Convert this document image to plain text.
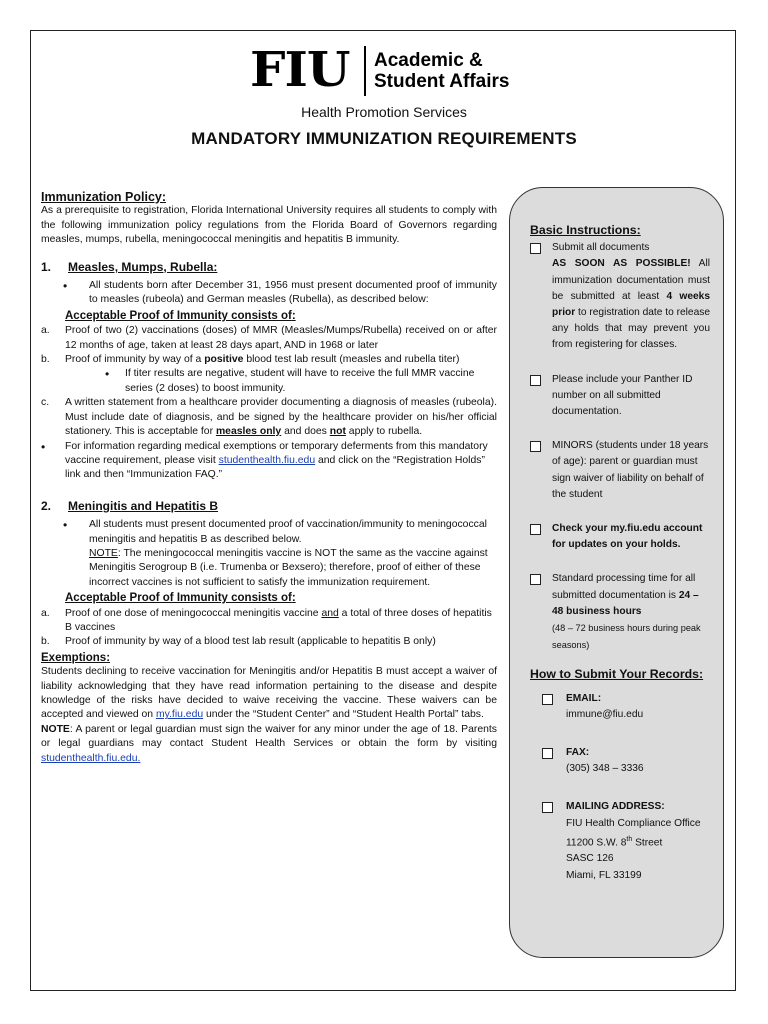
FIU Academic &
Student Affairs
Health Promotion Services
MANDATORY IMMUNIZATION REQUIREMENTS

Immunization Policy:

As a prerequisite to registration, Florida International University requires all students to comply with the following immunization policy regulations from the Florida Board of Governors regarding measles, mumps, rubella, meningococcal meningitis and hepatitis B immunity.

1.	Measles, Mumps, Rubella:
•	All students born after December 31, 1956 must present documented proof of immunity to measles (rubeola) and German measles (Rubella), as described below:
Acceptable Proof of Immunity consists of:
a.	Proof of two (2) vaccinations (doses) of MMR (Measles/Mumps/Rubella) received on or after 12 months of age, taken at least 28 days apart, AND in 1968 or later
b.	Proof of immunity by way of a positive blood test lab result (measles and rubella titer)
•	If titer results are negative, student will have to receive the full MMR vaccine series (2 doses) to boost immunity.
c.	A written statement from a healthcare provider documenting a diagnosis of measles (rubeola). Must include date of diagnosis, and be signed by the healthcare provider on his/her official stationery. This is acceptable for measles only and does not apply to rubella.
•	For information regarding medical exemptions or temporary deferments from this mandatory vaccine requirement, please visit studenthealth.fiu.edu and click on the “Registration Holds” link and then “Immunization FAQ.”
2.	Meningitis and Hepatitis B
•	All students must present documented proof of vaccination/immunity to meningococcal meningitis and hepatitis B as described below.
NOTE: The meningococcal meningitis vaccine is NOT the same as the vaccine against Meningitis Serogroup B (i.e. Trumenba or Bexsero); therefore, proof of either of these incorrect vaccines is not sufficient to satisfy the immunization requirement.
Acceptable Proof of Immunity consists of:
a.	Proof of one dose of meningococcal meningitis vaccine and a total of three doses of hepatitis B vaccines
b.	Proof of immunity by way of a blood test lab result (applicable to hepatitis B only)
Exemptions:

Students declining to receive vaccination for Meningitis and/or Hepatitis B must accept a waiver of liability acknowledging that they have read information pertaining to the disease and despite knowledge of the risks have decided to waive receiving the vaccine. These waivers can be accepted and viewed on my.fiu.edu under the “Student Center” and “Student Health Portal” tabs.

NOTE: A parent or legal guardian must sign the waiver for any minor under the age of 18. Parents or legal guardians may contact Student Health Services or obtain the form by visiting studenthealth.fiu.edu.

Basic Instructions:

Submit all documents
AS SOON AS POSSIBLE! All immunization documentation must be submitted at least 4 weeks prior to registration date to release any holds that may prevent you from registering for classes.
Please include your Panther ID number on all submitted documentation.
MINORS (students under 18 years of age): parent or guardian must sign waiver of liability on behalf of the student
Check your my.fiu.edu account for updates on your holds.
Standard processing time for all submitted documentation is 24 – 48 business hours
(48 – 72 business hours during peak seasons)

How to Submit Your Records:

EMAIL:
immune@fiu.edu
FAX:
(305) 348 – 3336
MAILING ADDRESS:
FIU Health Compliance Office
11200 S.W. 8th Street
SASC 126
Miami, FL 33199
